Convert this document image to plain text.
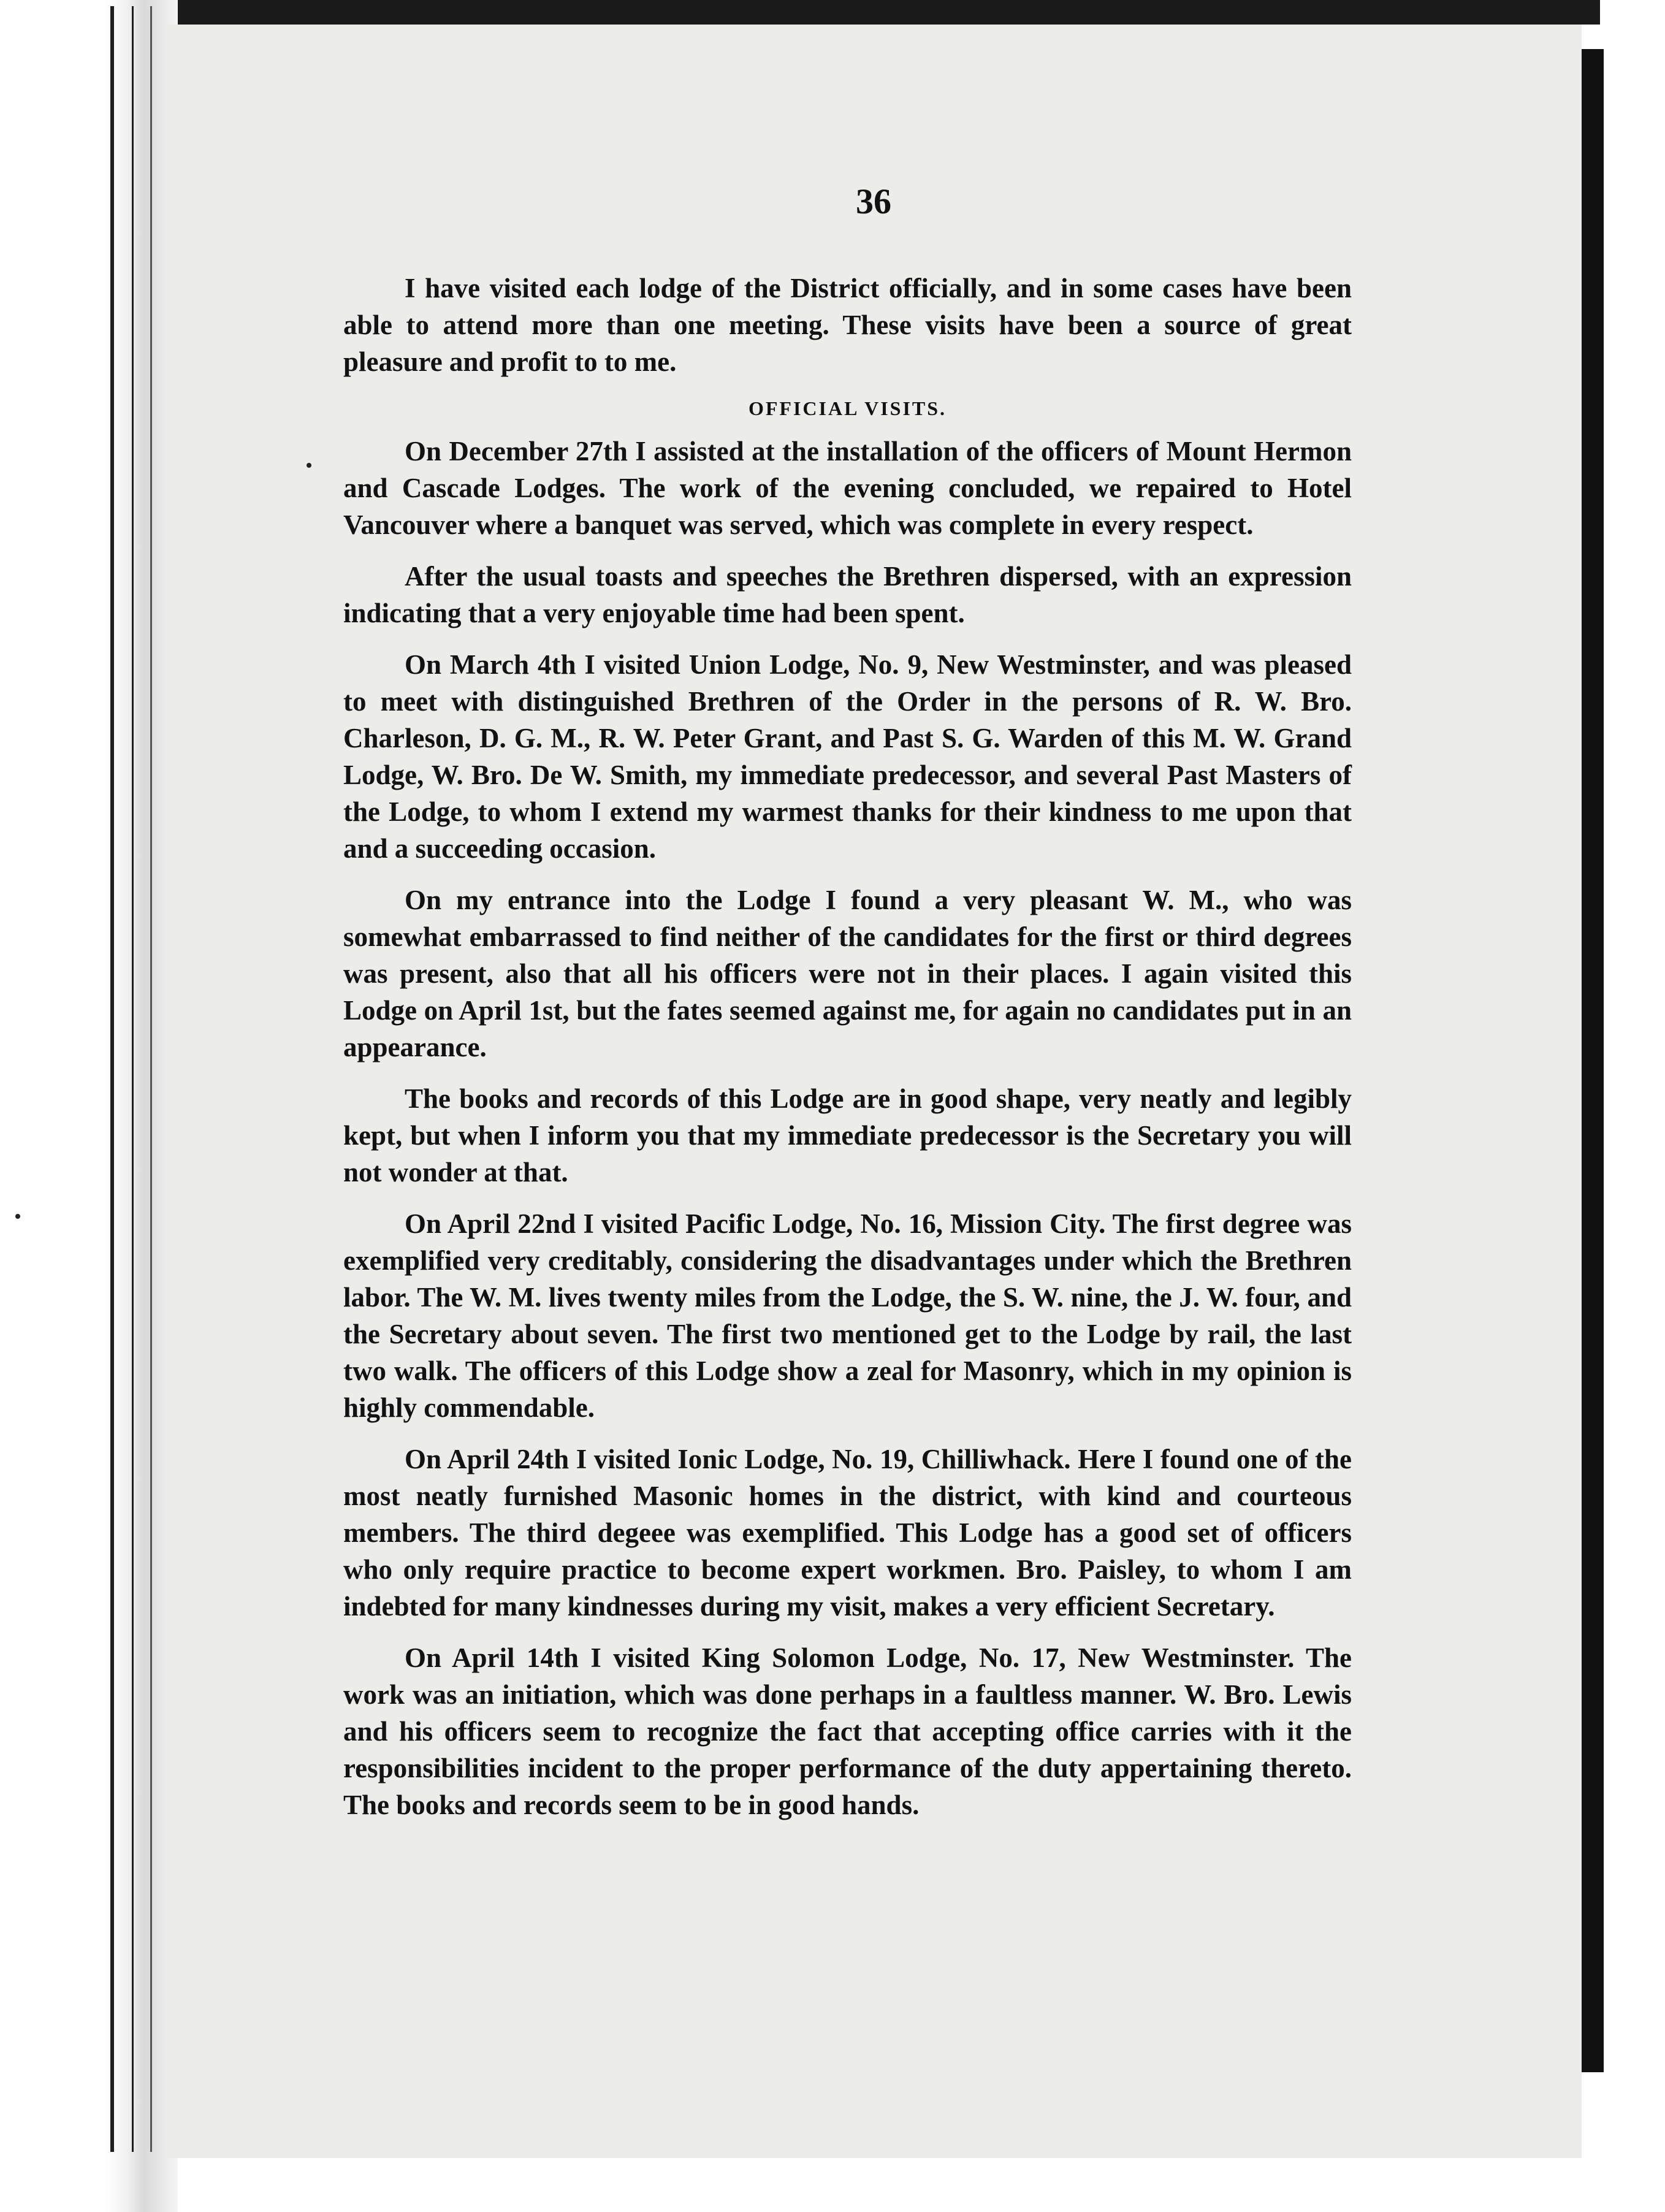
36

I have visited each lodge of the District officially, and in some cases have been able to attend more than one meeting. These visits have been a source of great pleasure and profit to to me.

OFFICIAL VISITS.

On December 27th I assisted at the installation of the officers of Mount Hermon and Cascade Lodges. The work of the evening concluded, we repaired to Hotel Vancouver where a banquet was served, which was complete in every respect.

After the usual toasts and speeches the Brethren dispersed, with an expression indicating that a very enjoyable time had been spent.

On March 4th I visited Union Lodge, No. 9, New Westminster, and was pleased to meet with distinguished Brethren of the Order in the persons of R. W. Bro. Charleson, D. G. M., R. W. Peter Grant, and Past S. G. Warden of this M. W. Grand Lodge, W. Bro. De W. Smith, my immediate predecessor, and several Past Masters of the Lodge, to whom I extend my warmest thanks for their kindness to me upon that and a succeeding occasion.

On my entrance into the Lodge I found a very pleasant W. M., who was somewhat embarrassed to find neither of the candidates for the first or third degrees was present, also that all his officers were not in their places. I again visited this Lodge on April 1st, but the fates seemed against me, for again no candidates put in an appearance.

The books and records of this Lodge are in good shape, very neatly and legibly kept, but when I inform you that my immediate predecessor is the Secretary you will not wonder at that.

On April 22nd I visited Pacific Lodge, No. 16, Mission City. The first degree was exemplified very creditably, considering the disadvantages under which the Brethren labor. The W. M. lives twenty miles from the Lodge, the S. W. nine, the J. W. four, and the Secretary about seven. The first two mentioned get to the Lodge by rail, the last two walk. The officers of this Lodge show a zeal for Masonry, which in my opinion is highly commendable.

On April 24th I visited Ionic Lodge, No. 19, Chilliwhack. Here I found one of the most neatly furnished Masonic homes in the district, with kind and courteous members. The third degeee was exemplified. This Lodge has a good set of officers who only require practice to become expert workmen. Bro. Paisley, to whom I am indebted for many kindnesses during my visit, makes a very efficient Secretary.

On April 14th I visited King Solomon Lodge, No. 17, New Westminster. The work was an initiation, which was done perhaps in a faultless manner. W. Bro. Lewis and his officers seem to recognize the fact that accepting office carries with it the responsibilities incident to the proper performance of the duty appertaining thereto. The books and records seem to be in good hands.
